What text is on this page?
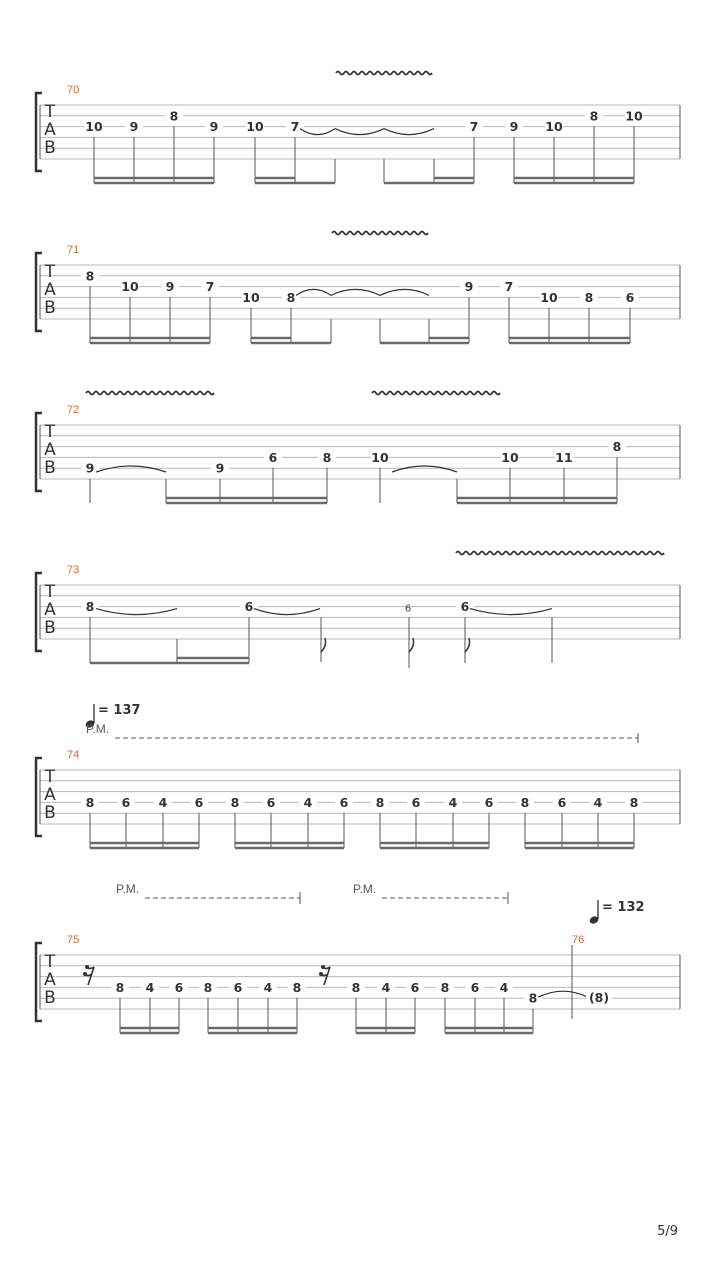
T
A
B
70
10 9
8
9 10 7	7	9 10
8 10
T
A
B
71
8
10 9	7
10 8
9	7
10 8	6
T
A
B
72
9	9
6	8	10	10	11
8
T
A
B
73
8	6	6
6
T
A
B
74
8 6 4 6 8 6 4 6 8 6 4 6 8 6 4 8
= 137
P.M.
T
A
B
75
8 4 6 8 6 4 8	8 4 6 8 6 4
8
P.M.	P.M.
76
= 132
(8)
5/9
